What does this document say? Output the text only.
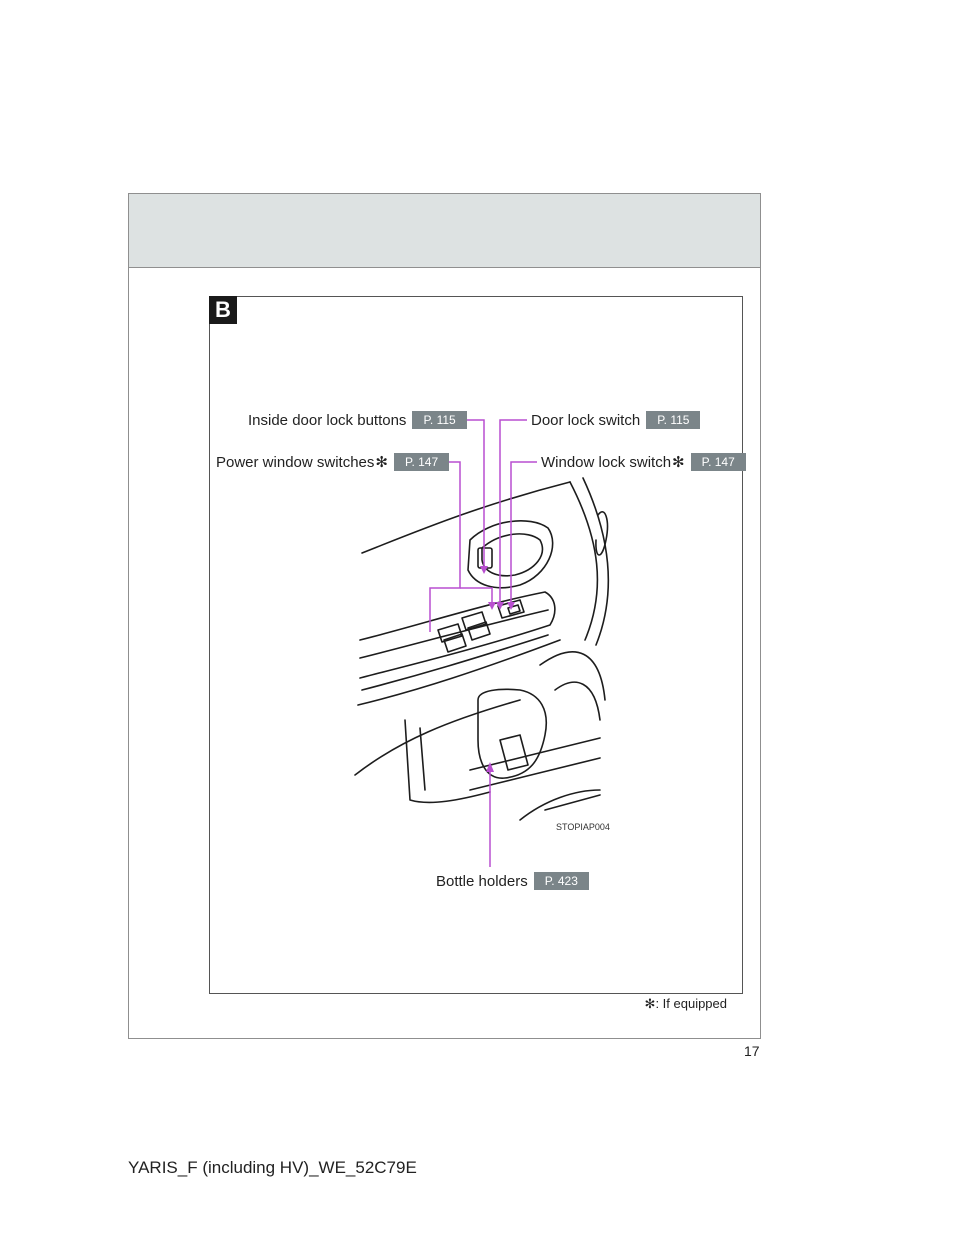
B
Inside door lock buttons	P. 115	Door lock switch	P. 115
Power window switches ✻	P. 147	Window lock switch ✻	P. 147
Bottle holders	P. 423
STOPIAP004
✻: If equipped
17
YARIS_F (including HV)_WE_52C79E
